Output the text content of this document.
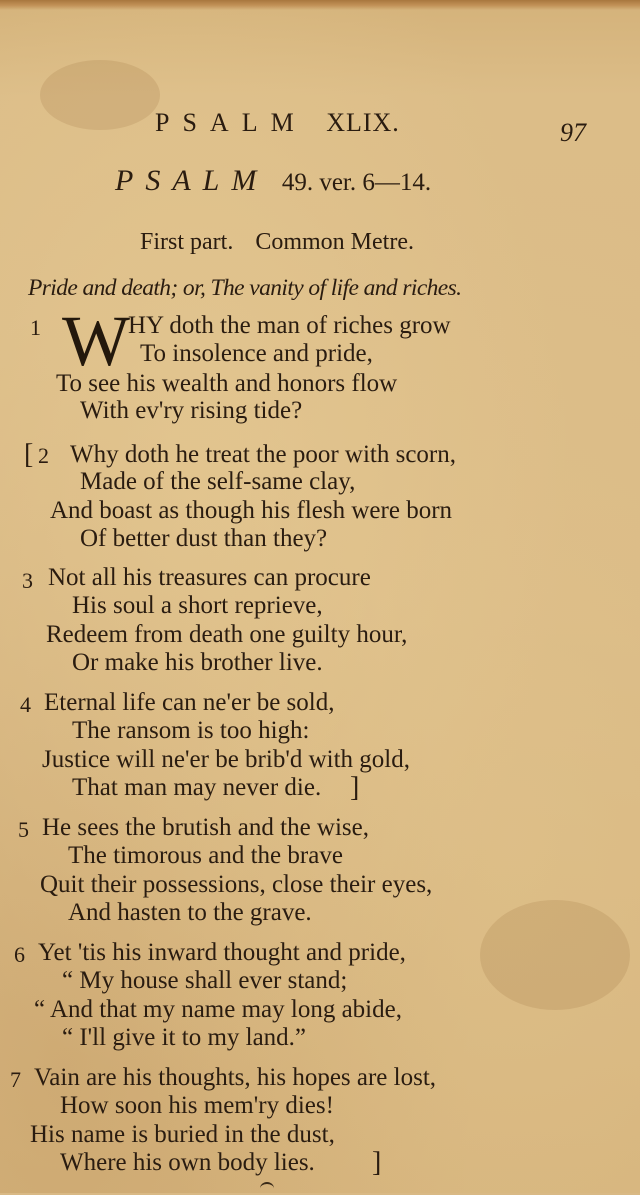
PSALM XLIX.	97
PSALM 49. ver. 6—14.
First part. Common Metre.
Pride and death; or, The vanity of life and riches.
1 W
HY doth the man of riches grow
To insolence and pride,
To see his wealth and honors flow
With ev'ry rising tide?
[ 2 Why doth he treat the poor with scorn,
Made of the self-same clay,
And boast as though his flesh were born
Of better dust than they?
3 Not all his treasures can procure
His soul a short reprieve,
Redeem from death one guilty hour,
Or make his brother live.
4 Eternal life can ne'er be sold,
The ransom is too high:
Justice will ne'er be brib'd with gold,
That man may never die. ]
5 He sees the brutish and the wise,
The timorous and the brave
Quit their possessions, close their eyes,
And hasten to the grave.
6 Yet 'tis his inward thought and pride,
“ My house shall ever stand;
“ And that my name may long abide,
“ I'll give it to my land.”
7 Vain are his thoughts, his hopes are lost,
How soon his mem'ry dies!
His name is buried in the dust,
Where his own body lies. ]
